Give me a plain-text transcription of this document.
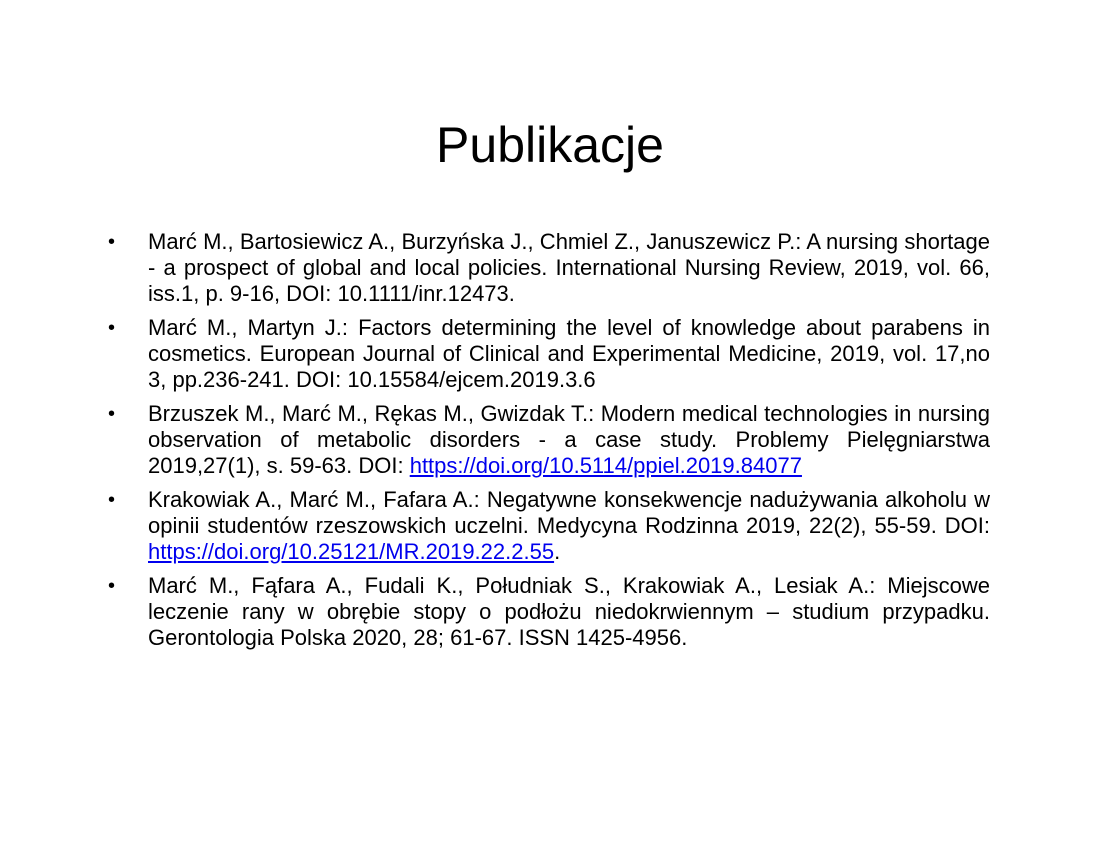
Publikacje
•	Marć M., Bartosiewicz A., Burzyńska J., Chmiel Z., Januszewicz P.: A nursing shortage - a prospect of global and local policies. International Nursing Review, 2019, vol. 66, iss.1, p. 9-16, DOI: 10.1111/inr.12473.
•	Marć M., Martyn J.: Factors determining the level of knowledge about parabens in cosmetics. European Journal of Clinical and Experimental Medicine, 2019, vol. 17,no 3, pp.236-241. DOI: 10.15584/ejcem.2019.3.6
•	Brzuszek M., Marć M., Rękas M., Gwizdak T.: Modern medical technologies in nursing observation of metabolic disorders - a case study. Problemy Pielęgniarstwa 2019,27(1), s. 59-63. DOI: https://doi.org/10.5114/ppiel.2019.84077
•	Krakowiak A., Marć M., Fafara A.: Negatywne konsekwencje nadużywania alkoholu w opinii studentów rzeszowskich uczelni. Medycyna Rodzinna 2019, 22(2), 55-59. DOI: https://doi.org/10.25121/MR.2019.22.2.55.
•	Marć M., Fąfara A., Fudali K., Południak S., Krakowiak A., Lesiak A.: Miejscowe leczenie rany w obrębie stopy o podłożu niedokrwiennym – studium przypadku. Gerontologia Polska 2020, 28; 61-67. ISSN 1425-4956.
